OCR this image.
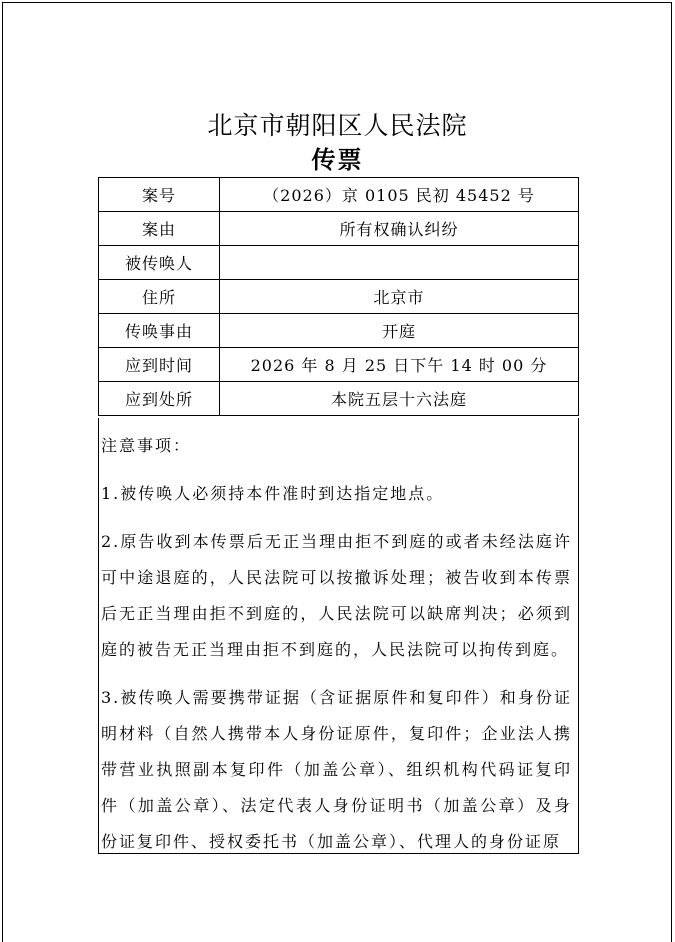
北京市朝阳区人民法院
传票
案号	（2026）京 0105 民初 45452 号
案由	所有权确认纠纷
被传唤人	
住所	北京市
传唤事由	开庭
应到时间	2026 年 8 月 25 日下午 14 时 00 分
应到处所	本院五层十六法庭

注意事项：

1.被传唤人必须持本件准时到达指定地点。

2.原告收到本传票后无正当理由拒不到庭的或者未经法庭许可中途退庭的，人民法院可以按撤诉处理；被告收到本传票后无正当理由拒不到庭的，人民法院可以缺席判决；必须到庭的被告无正当理由拒不到庭的，人民法院可以拘传到庭。

3.被传唤人需要携带证据（含证据原件和复印件）和身份证明材料（自然人携带本人身份证原件，复印件；企业法人携带营业执照副本复印件（加盖公章）、组织机构代码证复印件（加盖公章）、法定代表人身份证明书（加盖公章）及身份证复印件、授权委托书（加盖公章）、代理人的身份证原
